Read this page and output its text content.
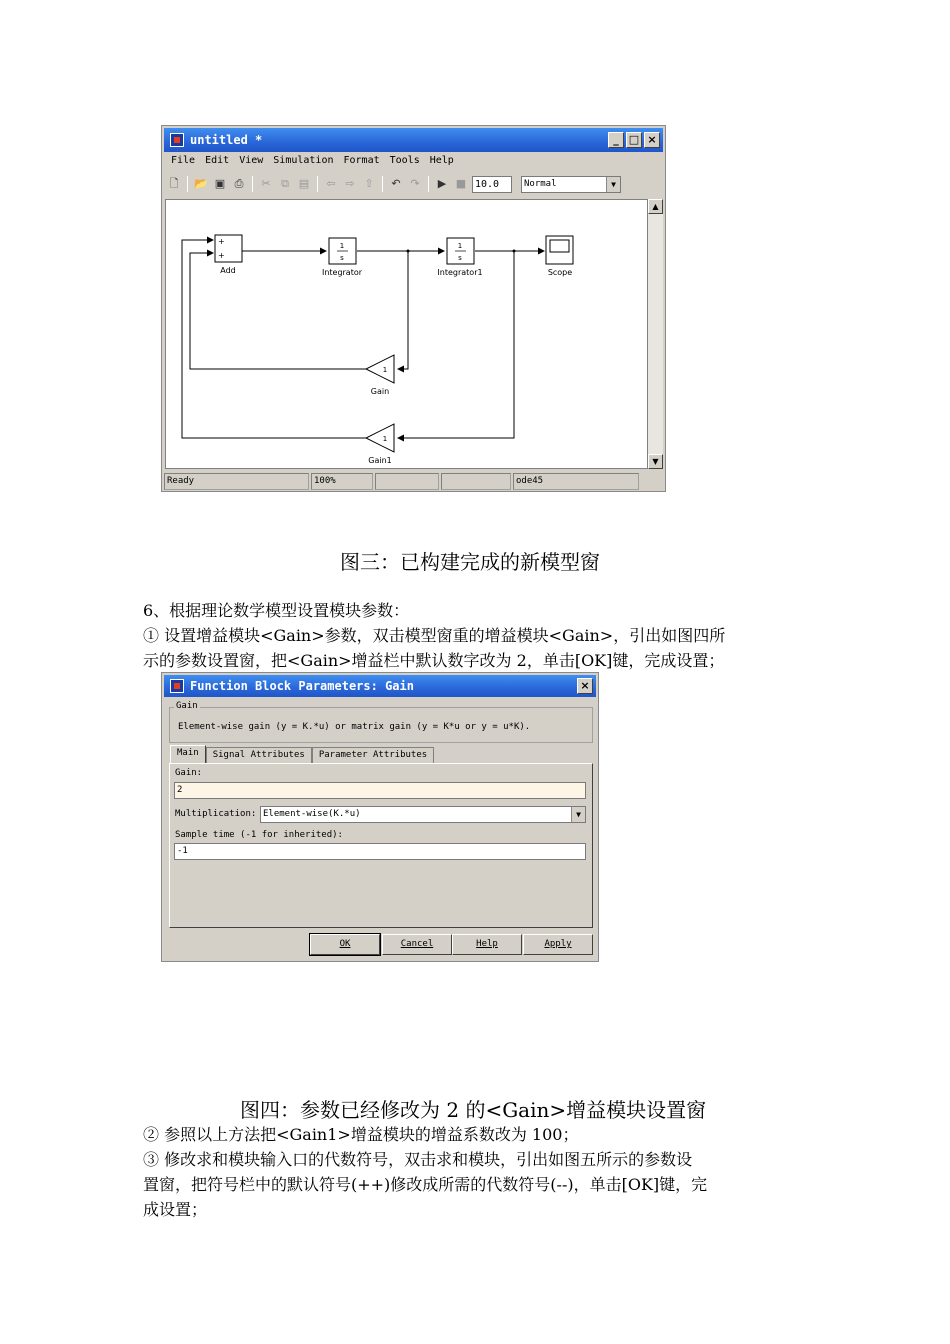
untitled *	_ □ ×
File	Edit	View	Simulation	Format	Tools	Help
🗋	📂 ▣ ⎙	✂ ⧉ ▤	⇦ ⇨ ⇧	↶ ↷	▶ ■ 10.0	Normal	▼
+
+
Add
1
s
Integrator
1
s
Integrator1	Scope
1
Gain
1
Gain1
▲
▼
Ready	100%	ode45
图三：已构建完成的新模型窗
6、根据理论数学模型设置模块参数：
① 设置增益模块<Gain>参数，双击模型窗重的增益模块<Gain>，引出如图四所
示的参数设置窗，把<Gain>增益栏中默认数字改为 2，单击[OK]键，完成设置；
Function Block Parameters: Gain	×
Gain
Element-wise gain (y = K.*u) or matrix gain (y = K*u or y = u*K).
Main	Signal Attributes	Parameter Attributes
Gain:
2
Multiplication: Element-wise(K.*u)	▼
Sample time (-1 for inherited):
-1
OK	Cancel	Help	Apply
图四：参数已经修改为 2 的<Gain>增益模块设置窗
② 参照以上方法把<Gain1>增益模块的增益系数改为 100；
③ 修改求和模块输入口的代数符号，双击求和模块，引出如图五所示的参数设
置窗，把符号栏中的默认符号(++)修改成所需的代数符号(--)，单击[OK]键，完
成设置；
